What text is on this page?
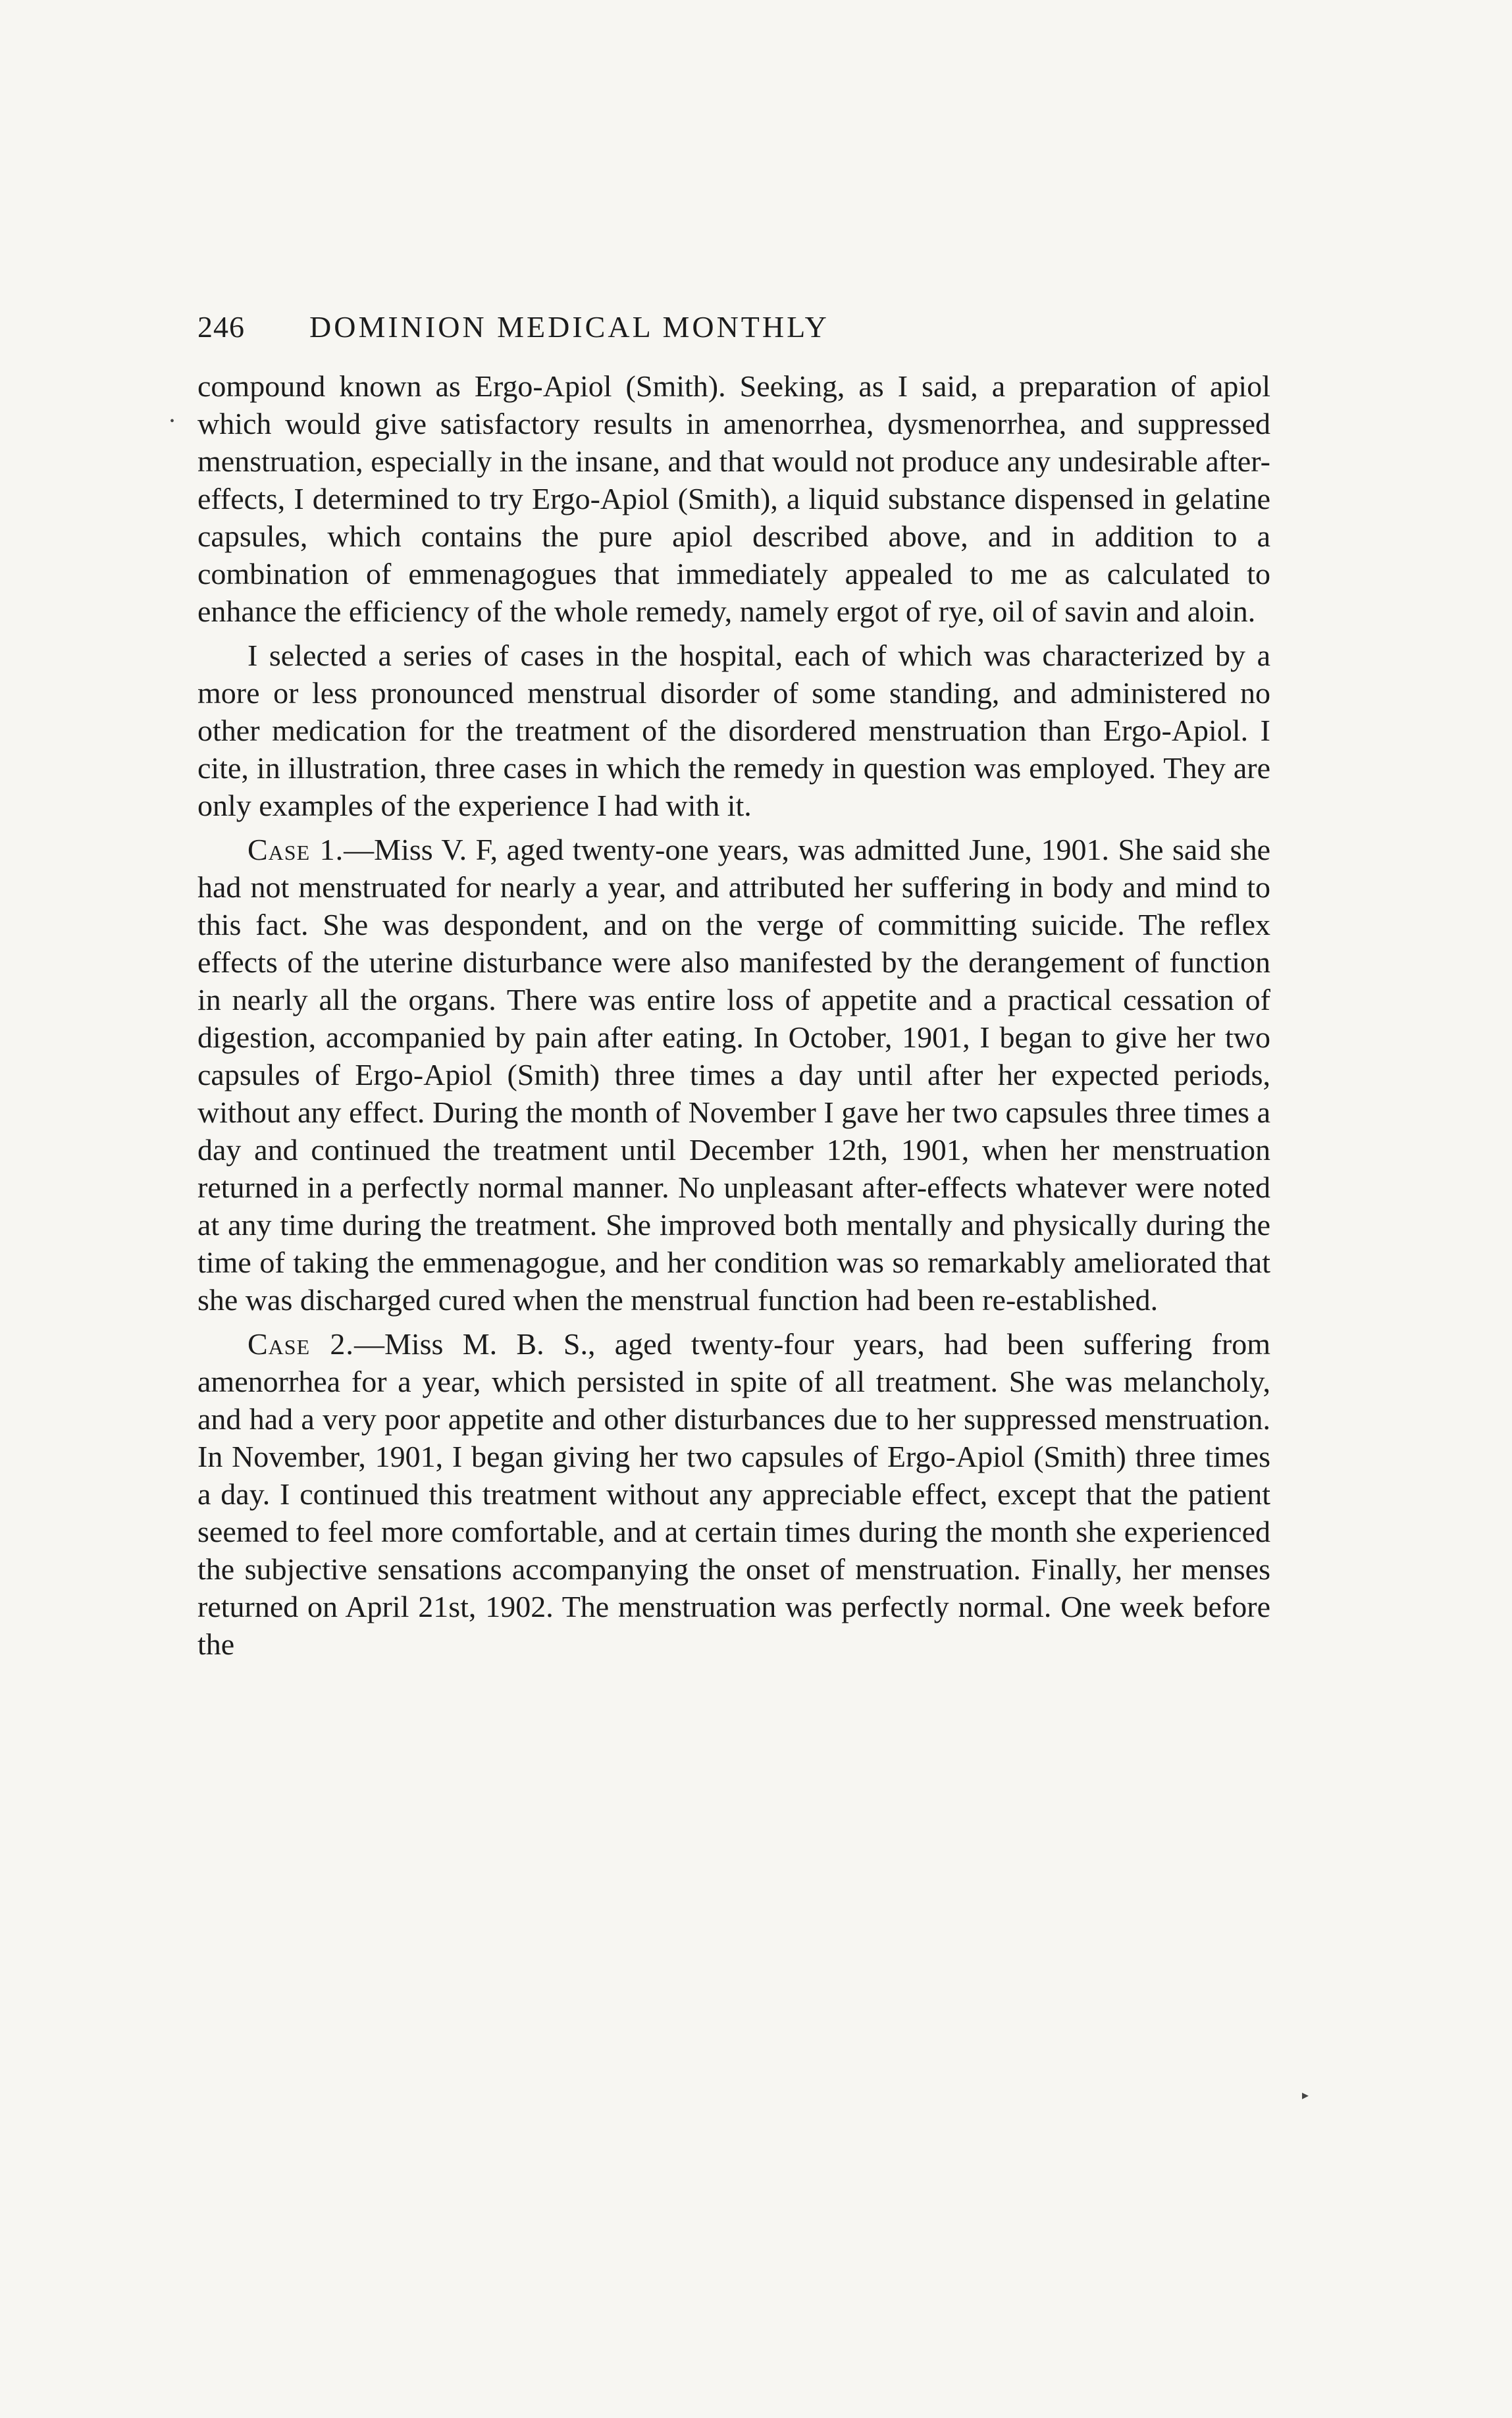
246 DOMINION MEDICAL MONTHLY

compound known as Ergo-Apiol (Smith). Seeking, as I said, a preparation of apiol which would give satisfactory results in amenorrhea, dysmenorrhea, and suppressed menstruation, especially in the insane, and that would not produce any undesirable after-effects, I determined to try Ergo-Apiol (Smith), a liquid substance dispensed in gelatine capsules, which contains the pure apiol described above, and in addition to a combination of emmenagogues that immediately appealed to me as calculated to enhance the efficiency of the whole remedy, namely ergot of rye, oil of savin and aloin.

I selected a series of cases in the hospital, each of which was characterized by a more or less pronounced menstrual disorder of some standing, and administered no other medication for the treatment of the disordered menstruation than Ergo-Apiol. I cite, in illustration, three cases in which the remedy in question was employed. They are only examples of the experience I had with it.

Case 1.—Miss V. F, aged twenty-one years, was admitted June, 1901. She said she had not menstruated for nearly a year, and attributed her suffering in body and mind to this fact. She was despondent, and on the verge of committing suicide. The reflex effects of the uterine disturbance were also manifested by the derangement of function in nearly all the organs. There was entire loss of appetite and a practical cessation of digestion, accompanied by pain after eating. In October, 1901, I began to give her two capsules of Ergo-Apiol (Smith) three times a day until after her expected periods, without any effect. During the month of November I gave her two capsules three times a day and continued the treatment until December 12th, 1901, when her menstruation returned in a perfectly normal manner. No unpleasant after-effects whatever were noted at any time during the treatment. She improved both mentally and physically during the time of taking the emmenagogue, and her condition was so remarkably ameliorated that she was discharged cured when the menstrual function had been re-established.

Case 2.—Miss M. B. S., aged twenty-four years, had been suffering from amenorrhea for a year, which persisted in spite of all treatment. She was melancholy, and had a very poor appetite and other disturbances due to her suppressed menstruation. In November, 1901, I began giving her two capsules of Ergo-Apiol (Smith) three times a day. I continued this treatment without any appreciable effect, except that the patient seemed to feel more comfortable, and at certain times during the month she experienced the subjective sensations accompanying the onset of menstruation. Finally, her menses returned on April 21st, 1902. The menstruation was perfectly normal. One week before the

•
▸
